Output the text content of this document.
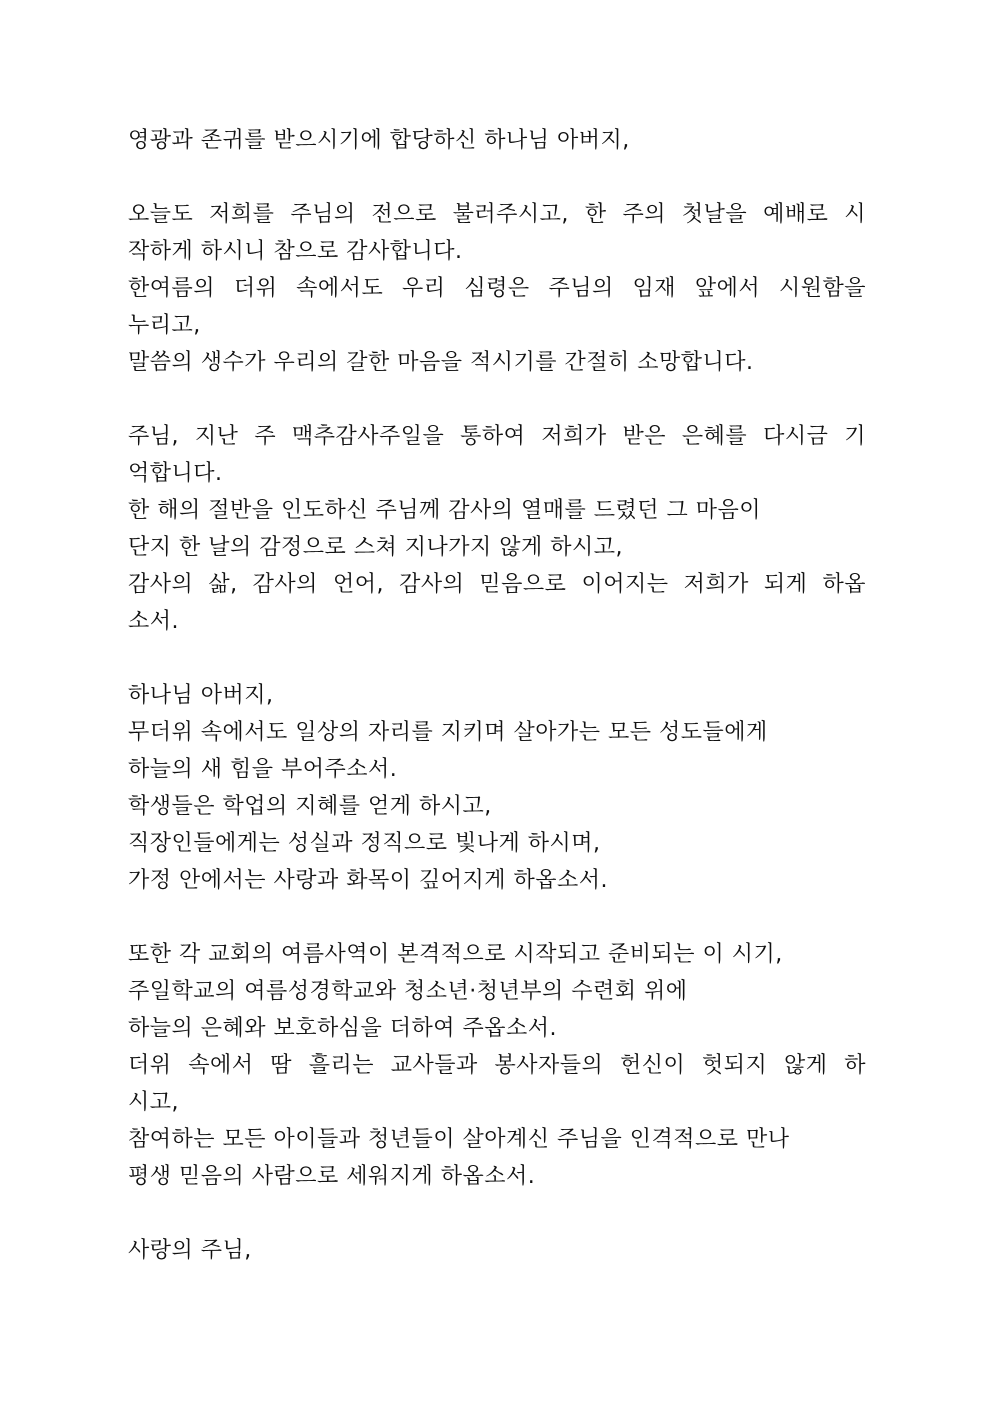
영광과 존귀를 받으시기에 합당하신 하나님 아버지,
오늘도 저희를 주님의 전으로 불러주시고, 한 주의 첫날을 예배로 시
작하게 하시니 참으로 감사합니다.
한여름의 더위 속에서도 우리 심령은 주님의 임재 앞에서 시원함을
누리고,
말씀의 생수가 우리의 갈한 마음을 적시기를 간절히 소망합니다.
주님, 지난 주 맥추감사주일을 통하여 저희가 받은 은혜를 다시금 기
억합니다.
한 해의 절반을 인도하신 주님께 감사의 열매를 드렸던 그 마음이
단지 한 날의 감정으로 스쳐 지나가지 않게 하시고,
감사의 삶, 감사의 언어, 감사의 믿음으로 이어지는 저희가 되게 하옵
소서.
하나님 아버지,
무더위 속에서도 일상의 자리를 지키며 살아가는 모든 성도들에게
하늘의 새 힘을 부어주소서.
학생들은 학업의 지혜를 얻게 하시고,
직장인들에게는 성실과 정직으로 빛나게 하시며,
가정 안에서는 사랑과 화목이 깊어지게 하옵소서.
또한 각 교회의 여름사역이 본격적으로 시작되고 준비되는 이 시기,
주일학교의 여름성경학교와 청소년·청년부의 수련회 위에
하늘의 은혜와 보호하심을 더하여 주옵소서.
더위 속에서 땀 흘리는 교사들과 봉사자들의 헌신이 헛되지 않게 하
시고,
참여하는 모든 아이들과 청년들이 살아계신 주님을 인격적으로 만나
평생 믿음의 사람으로 세워지게 하옵소서.
사랑의 주님,
